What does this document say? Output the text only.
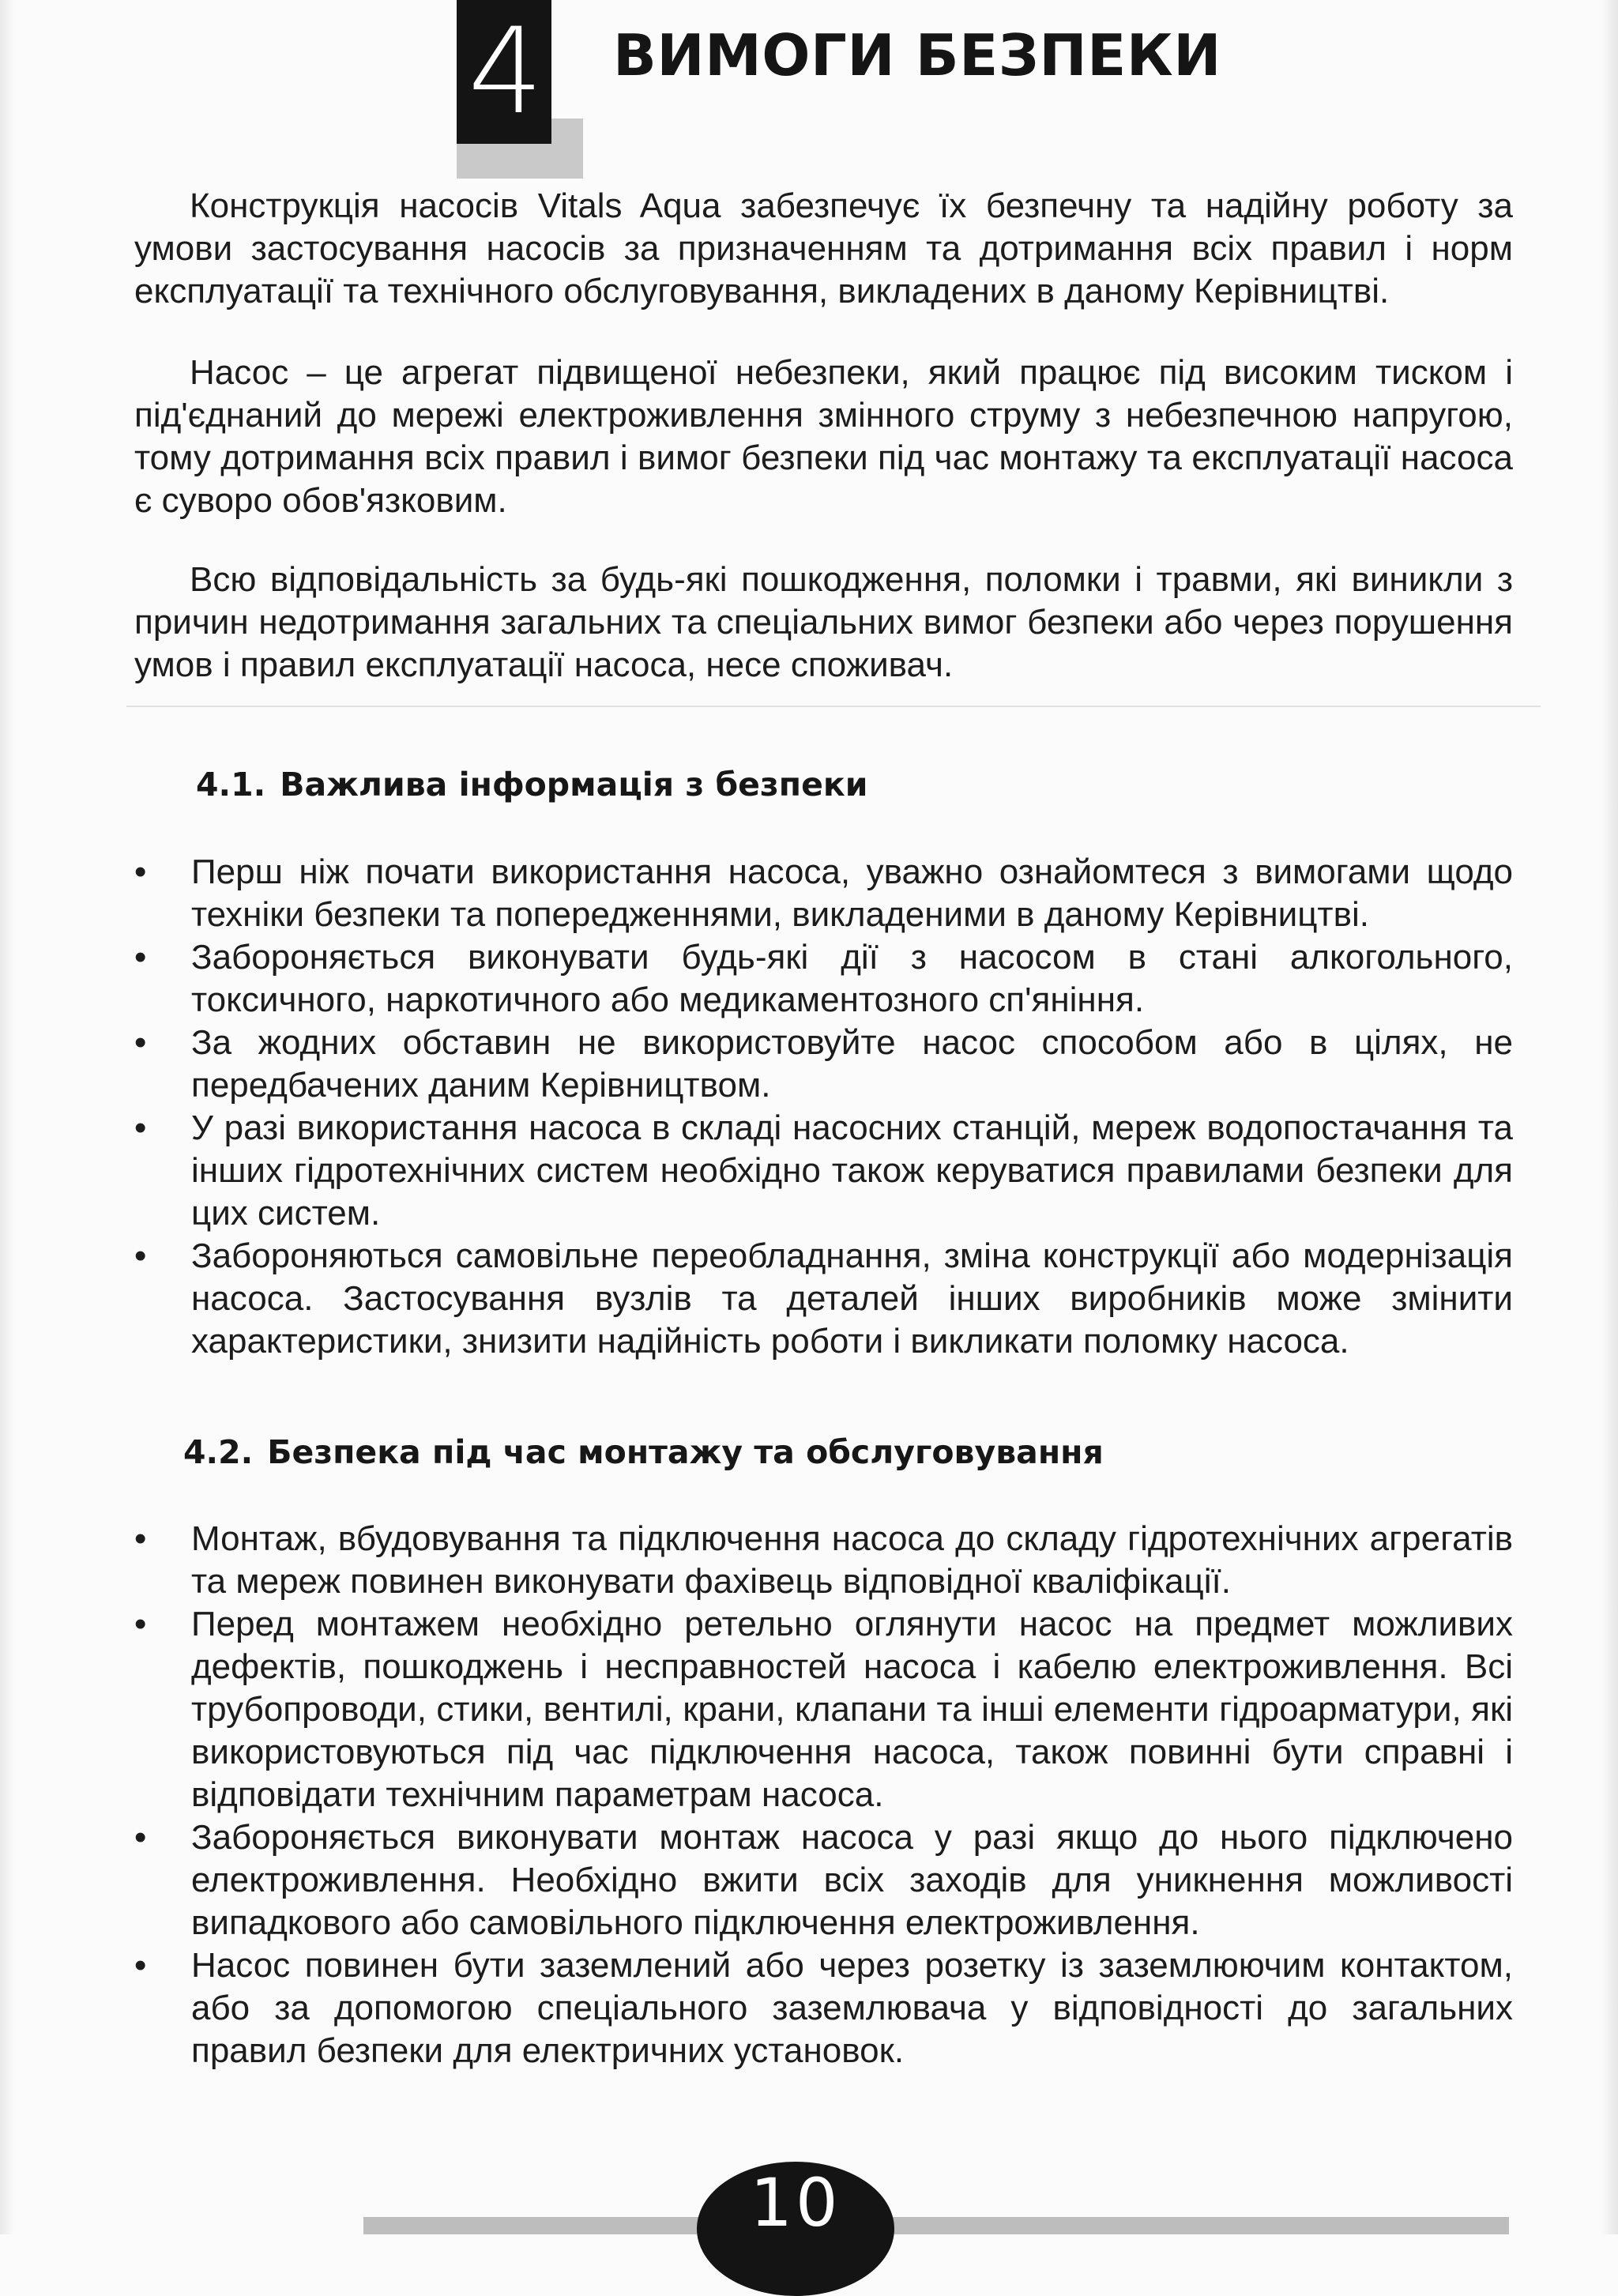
4 ВИМОГИ БЕЗПЕКИ

Конструкція насосів Vitals Aqua забезпечує їх безпечну та надійну роботу за умови застосування насосів за призначенням та дотримання всіх правил і норм експлуатації та технічного обслуговування, викладених в даному Керівництві.

Насос – це агрегат підвищеної небезпеки, який працює під високим тиском і під'єднаний до мережі електроживлення змінного струму з небезпечною напругою, тому дотримання всіх правил і вимог безпеки під час монтажу та експлуатації насоса є суворо обов'язковим.

Всю відповідальність за будь-які пошкодження, поломки і травми, які виникли з причин недотримання загальних та спеціальних вимог безпеки або через порушення умов і правил експлуатації насоса, несе споживач.

4.1. Важлива інформація з безпеки
•	Перш ніж почати використання насоса, уважно ознайомтеся з вимогами щодо техніки безпеки та попередженнями, викладеними в даному Керівництві.
•	Забороняється виконувати будь-які дії з насосом в стані алкогольного, токсичного, наркотичного або медикаментозного сп'яніння.
•	За жодних обставин не використовуйте насос способом або в цілях, не передбачених даним Керівництвом.
•	У разі використання насоса в складі насосних станцій, мереж водопостачання та інших гідротехнічних систем необхідно також керуватися правилами безпеки для цих систем.
•	Забороняються самовільне переобладнання, зміна конструкції або модернізація насоса. Застосування вузлів та деталей інших виробників може змінити характеристики, знизити надійність роботи і викликати поломку насоса.
4.2. Безпека під час монтажу та обслуговування
•	Монтаж, вбудовування та підключення насоса до складу гідротехнічних агрегатів та мереж повинен виконувати фахівець відповідної кваліфікації.
•	Перед монтажем необхідно ретельно оглянути насос на предмет можливих дефектів, пошкоджень і несправностей насоса і кабелю електроживлення. Всі трубопроводи, стики, вентилі, крани, клапани та інші елементи гідроарматури, які використовуються під час підключення насоса, також повинні бути справні і відповідати технічним параметрам насоса.
•	Забороняється виконувати монтаж насоса у разі якщо до нього підключено електроживлення. Необхідно вжити всіх заходів для уникнення можливості випадкового або самовільного підключення електроживлення.
•	Насос повинен бути заземлений або через розетку із заземлюючим контактом, або за допомогою спеціального заземлювача у відповідності до загальних правил безпеки для електричних установок.
10
